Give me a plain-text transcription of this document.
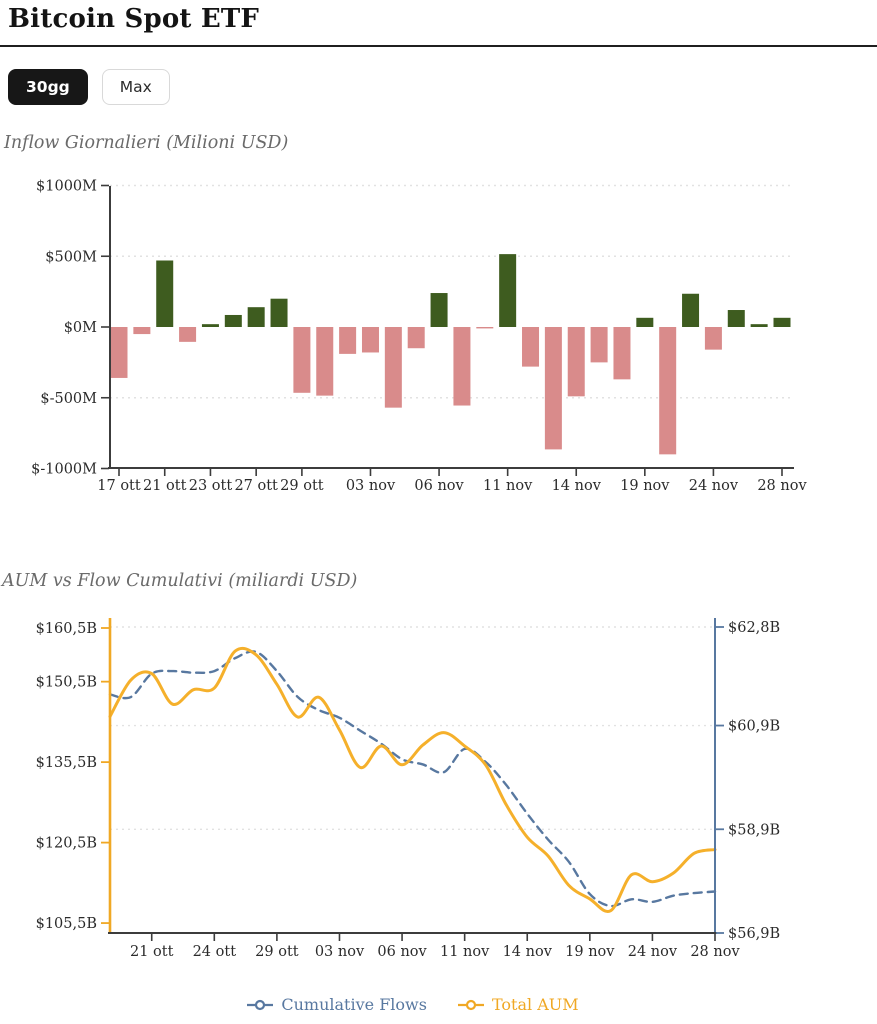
Bitcoin Spot ETF
30gg	Max
Inflow Giornalieri (Milioni USD)
$1000M
$500M
$0M
$-500M
$-1000M
17 ott 21 ott 23 ott 27 ott 29 ott 03 nov 06 nov 11 nov 14 nov 19 nov 24 nov 28 nov
AUM vs Flow Cumulativi (miliardi USD)
$160,5B
$150,5B
$135,5B
$120,5B
$105,5B
$62,8B
$60,9B
$58,9B
$56,9B
21 ott 24 ott 29 ott 03 nov 06 nov 11 nov 14 nov 19 nov 24 nov 28 nov
Cumulative Flows	Total AUM
